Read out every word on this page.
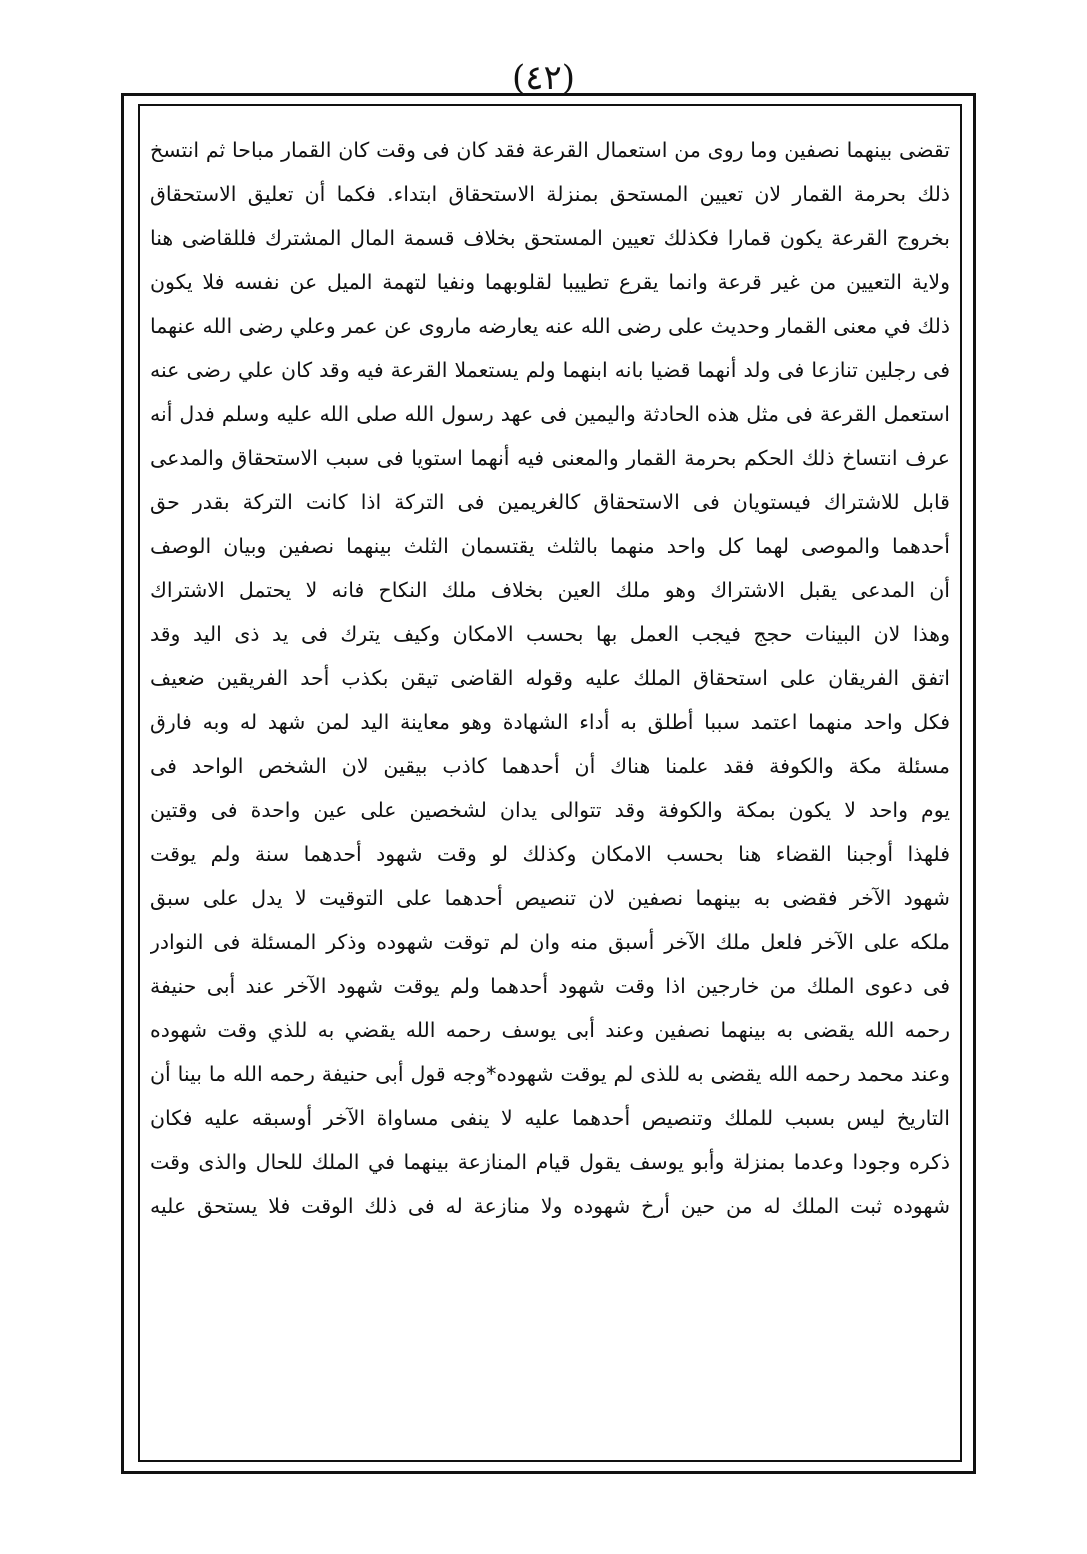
(٤٢)
تقضى بينهما نصفين وما روى من استعمال القرعة فقد كان فى وقت كان القمار مباحا ثم انتسخ
ذلك بحرمة القمار لان تعيين المستحق بمنزلة الاستحقاق ابتداء. فكما أن تعليق الاستحقاق
بخروج القرعة يكون قمارا فكذلك تعيين المستحق بخلاف قسمة المال المشترك فللقاضى هنا
ولاية التعيين من غير قرعة وانما يقرع تطييبا لقلوبهما ونفيا لتهمة الميل عن نفسه فلا يكون
ذلك في معنى القمار وحديث على رضى الله عنه يعارضه ماروى عن عمر وعلي رضى الله عنهما
فى رجلين تنازعا فى ولد أنهما قضيا بانه ابنهما ولم يستعملا القرعة فيه وقد كان علي رضى عنه
استعمل القرعة فى مثل هذه الحادثة واليمين فى عهد رسول الله صلى الله عليه وسلم فدل أنه
عرف انتساخ ذلك الحكم بحرمة القمار والمعنى فيه أنهما استويا فى سبب الاستحقاق والمدعى
قابل للاشتراك فيستويان فى الاستحقاق كالغريمين فى التركة اذا كانت التركة بقدر حق
أحدهما والموصى لهما كل واحد منهما بالثلث يقتسمان الثلث بينهما نصفين وبيان الوصف
أن المدعى يقبل الاشتراك وهو ملك العين بخلاف ملك النكاح فانه لا يحتمل الاشتراك
وهذا لان البينات حجج فيجب العمل بها بحسب الامكان وكيف يترك فى يد ذى اليد وقد
اتفق الفريقان على استحقاق الملك عليه وقوله القاضى تيقن بكذب أحد الفريقين ضعيف
فكل واحد منهما اعتمد سببا أطلق به أداء الشهادة وهو معاينة اليد لمن شهد له وبه فارق
مسئلة مكة والكوفة فقد علمنا هناك أن أحدهما كاذب بيقين لان الشخص الواحد فى
يوم واحد لا يكون بمكة والكوفة وقد تتوالى يدان لشخصين على عين واحدة فى وقتين
فلهذا أوجبنا القضاء هنا بحسب الامكان وكذلك لو وقت شهود أحدهما سنة ولم يوقت
شهود الآخر فقضى به بينهما نصفين لان تنصيص أحدهما على التوقيت لا يدل على سبق
ملكه على الآخر فلعل ملك الآخر أسبق منه وان لم توقت شهوده وذكر المسئلة فى النوادر
فى دعوى الملك من خارجين اذا وقت شهود أحدهما ولم يوقت شهود الآخر عند أبى حنيفة
رحمه الله يقضى به بينهما نصفين وعند أبى يوسف رحمه الله يقضي به للذي وقت شهوده
وعند محمد رحمه الله يقضى به للذى لم يوقت شهوده*وجه قول أبى حنيفة رحمه الله ما بينا أن
التاريخ ليس بسبب للملك وتنصيص أحدهما عليه لا ينفى مساواة الآخر أوسبقه عليه فكان
ذكره وجودا وعدما بمنزلة وأبو يوسف يقول قيام المنازعة بينهما في الملك للحال والذى وقت
شهوده ثبت الملك له من حين أرخ شهوده ولا منازعة له فى ذلك الوقت فلا يستحق عليه
